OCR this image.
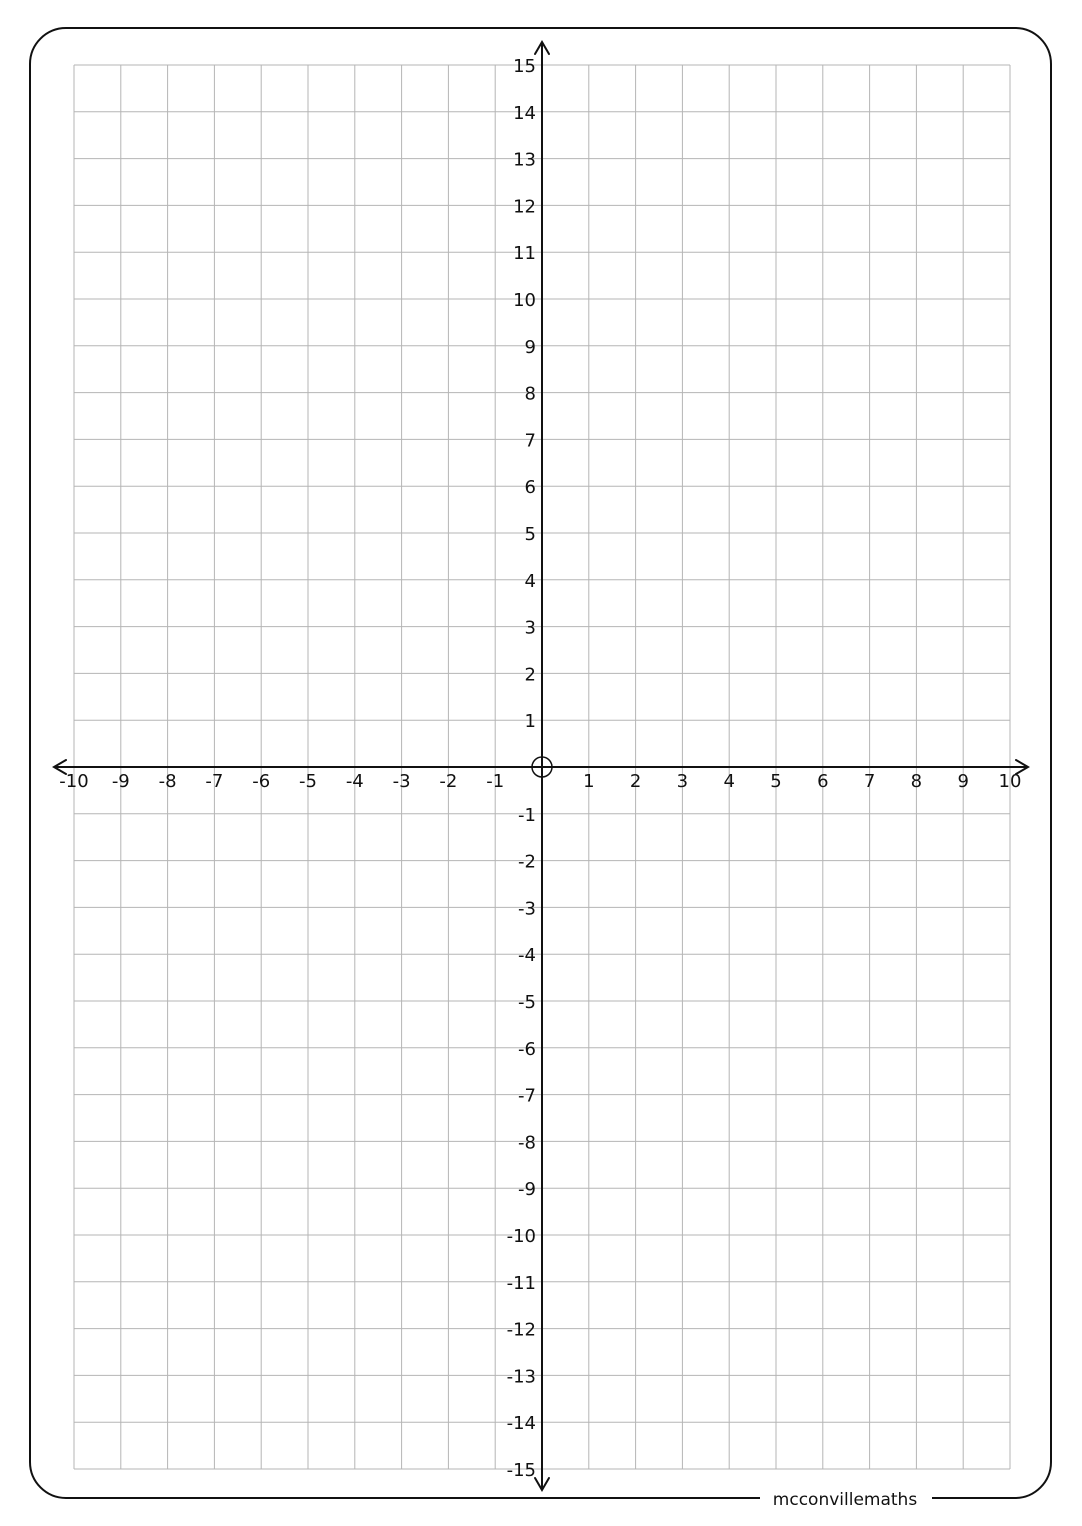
-10 -9 -8 -7 -6 -5 -4 -3 -2 -1	1 2 3 4 5 6 7 8 9 10
15
14
13
12
11
10
9
8
7
6
5
4
3
2
1
-1
-2
-3
-4
-5
-6
-7
-8
-9
-10
-11
-12
-13
-14
-15
mcconvillemaths
